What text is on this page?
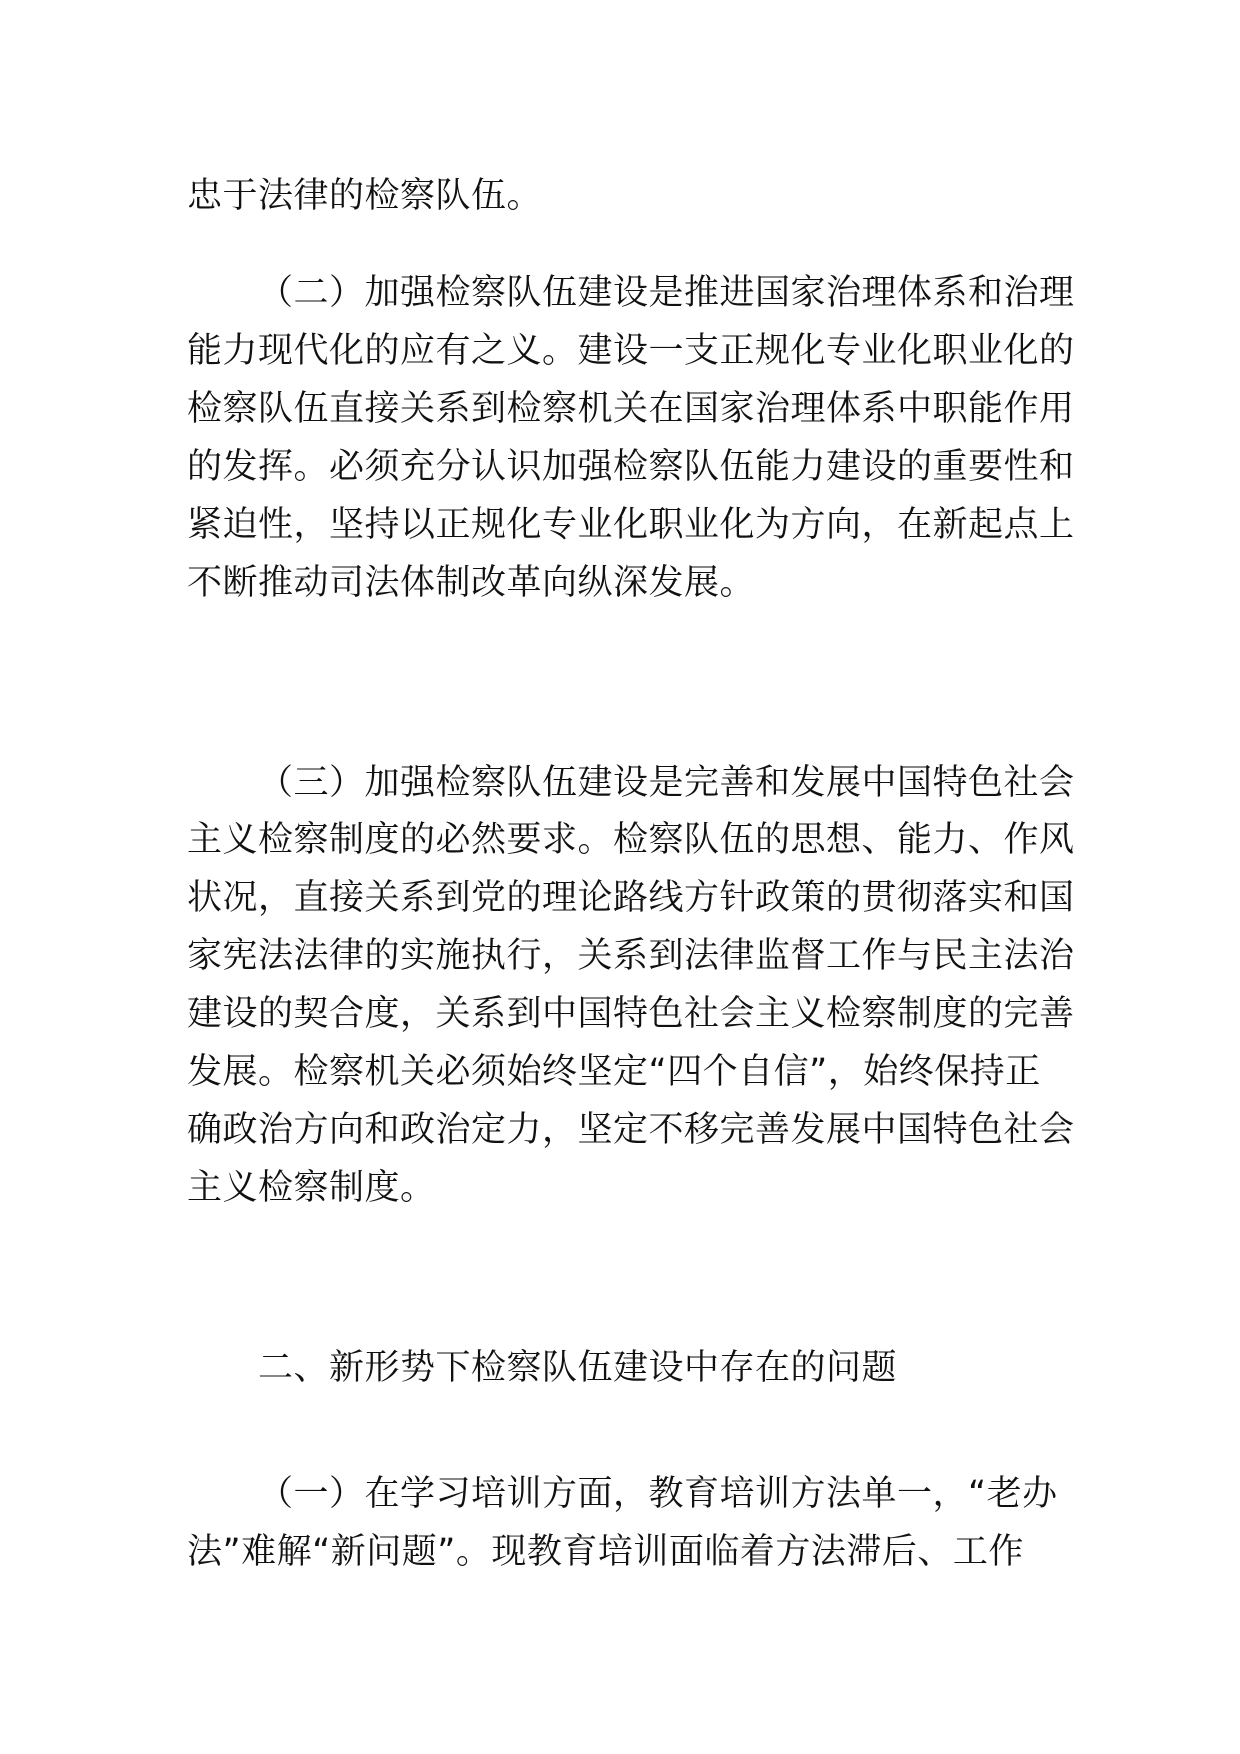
忠于法律的检察队伍。
（二）加强检察队伍建设是推进国家治理体系和治理
能力现代化的应有之义。建设一支正规化专业化职业化的
检察队伍直接关系到检察机关在国家治理体系中职能作用
的发挥。必须充分认识加强检察队伍能力建设的重要性和
紧迫性，坚持以正规化专业化职业化为方向，在新起点上
不断推动司法体制改革向纵深发展。
（三）加强检察队伍建设是完善和发展中国特色社会
主义检察制度的必然要求。检察队伍的思想、能力、作风
状况，直接关系到党的理论路线方针政策的贯彻落实和国
家宪法法律的实施执行，关系到法律监督工作与民主法治
建设的契合度，关系到中国特色社会主义检察制度的完善
发展。检察机关必须始终坚定“四个自信”，始终保持正
确政治方向和政治定力，坚定不移完善发展中国特色社会
主义检察制度。
二、新形势下检察队伍建设中存在的问题
（一）在学习培训方面，教育培训方法单一，“老办
法”难解“新问题”。现教育培训面临着方法滞后、工作
